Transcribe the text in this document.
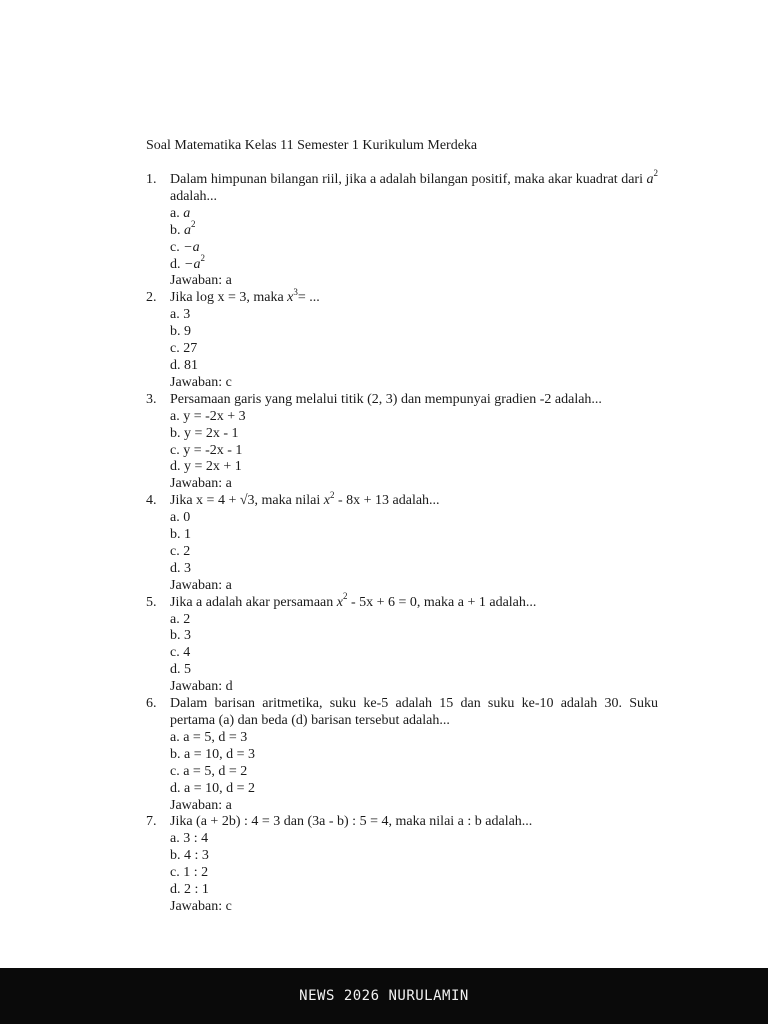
Soal Matematika Kelas 11 Semester 1 Kurikulum Merdeka
1. Dalam himpunan bilangan riil, jika a adalah bilangan positif, maka akar kuadrat dari $a^2$ adalah...
a. a
b. $a^2$
c. −a
d. $-a^2$
Jawaban: a
2. Jika log x = 3, maka $x^3=$ ...
a. 3
b. 9
c. 27
d. 81
Jawaban: c
3. Persamaan garis yang melalui titik (2, 3) dan mempunyai gradien -2 adalah...
a. y = -2x + 3
b. y = 2x - 1
c. y = -2x - 1
d. y = 2x + 1
Jawaban: a
4. Jika x = 4 + √3, maka nilai $x^2 - 8x + 13$ adalah...
a. 0
b. 1
c. 2
d. 3
Jawaban: a
5. Jika a adalah akar persamaan $x^2 - 5x + 6 = 0$, maka a + 1 adalah...
a. 2
b. 3
c. 4
d. 5
Jawaban: d
6. Dalam barisan aritmetika, suku ke-5 adalah 15 dan suku ke-10 adalah 30. Suku pertama (a) dan beda (d) barisan tersebut adalah...
a. a = 5, d = 3
b. a = 10, d = 3
c. a = 5, d = 2
d. a = 10, d = 2
Jawaban: a
7. Jika (a + 2b) : 4 = 3 dan (3a - b) : 5 = 4, maka nilai a : b adalah...
a. 3 : 4
b. 4 : 3
c. 1 : 2
d. 2 : 1
Jawaban: c
NEWS 2026 NURULAMIN
